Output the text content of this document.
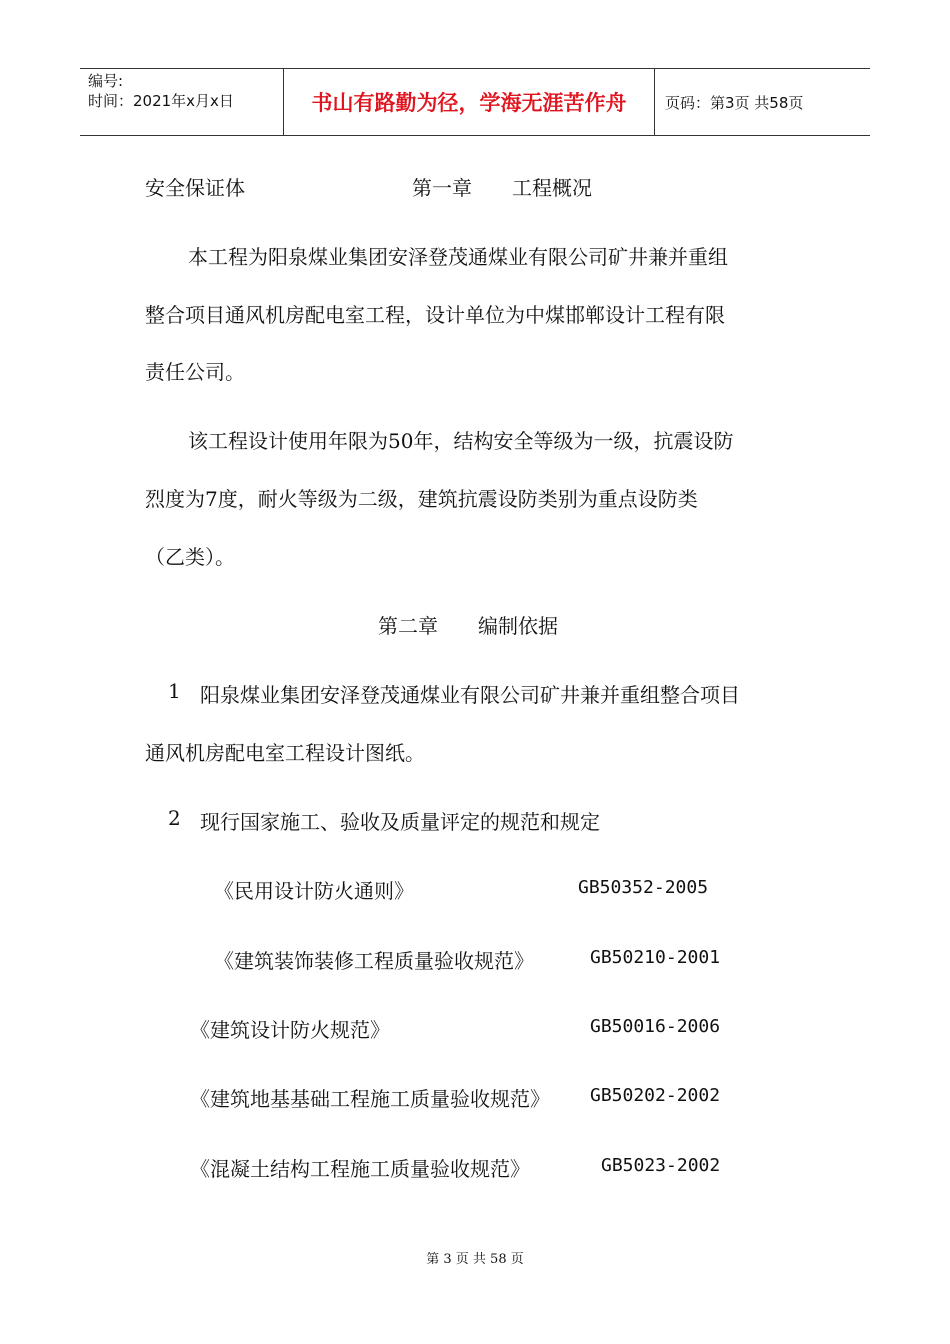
编号:
时间：2021年x月x日	书山有路勤为径，学海无涯苦作舟	页码：第3页 共58页
安全保证体	第一章　　工程概况
本工程为阳泉煤业集团安泽登茂通煤业有限公司矿井兼并重组
整合项目通风机房配电室工程，设计单位为中煤邯郸设计工程有限
责任公司。
该工程设计使用年限为50年，结构安全等级为一级，抗震设防
烈度为7度，耐火等级为二级，建筑抗震设防类别为重点设防类
（乙类）。
第二章　　编制依据
1 阳泉煤业集团安泽登茂通煤业有限公司矿井兼并重组整合项目
通风机房配电室工程设计图纸。
2 现行国家施工、验收及质量评定的规范和规定
《民用设计防火通则》	GB50352-2005
《建筑装饰装修工程质量验收规范》	GB50210-2001
《建筑设计防火规范》	GB50016-2006
《建筑地基基础工程施工质量验收规范》 GB50202-2002
《混凝土结构工程施工质量验收规范》	GB5023-2002
第 3 页 共 58 页
